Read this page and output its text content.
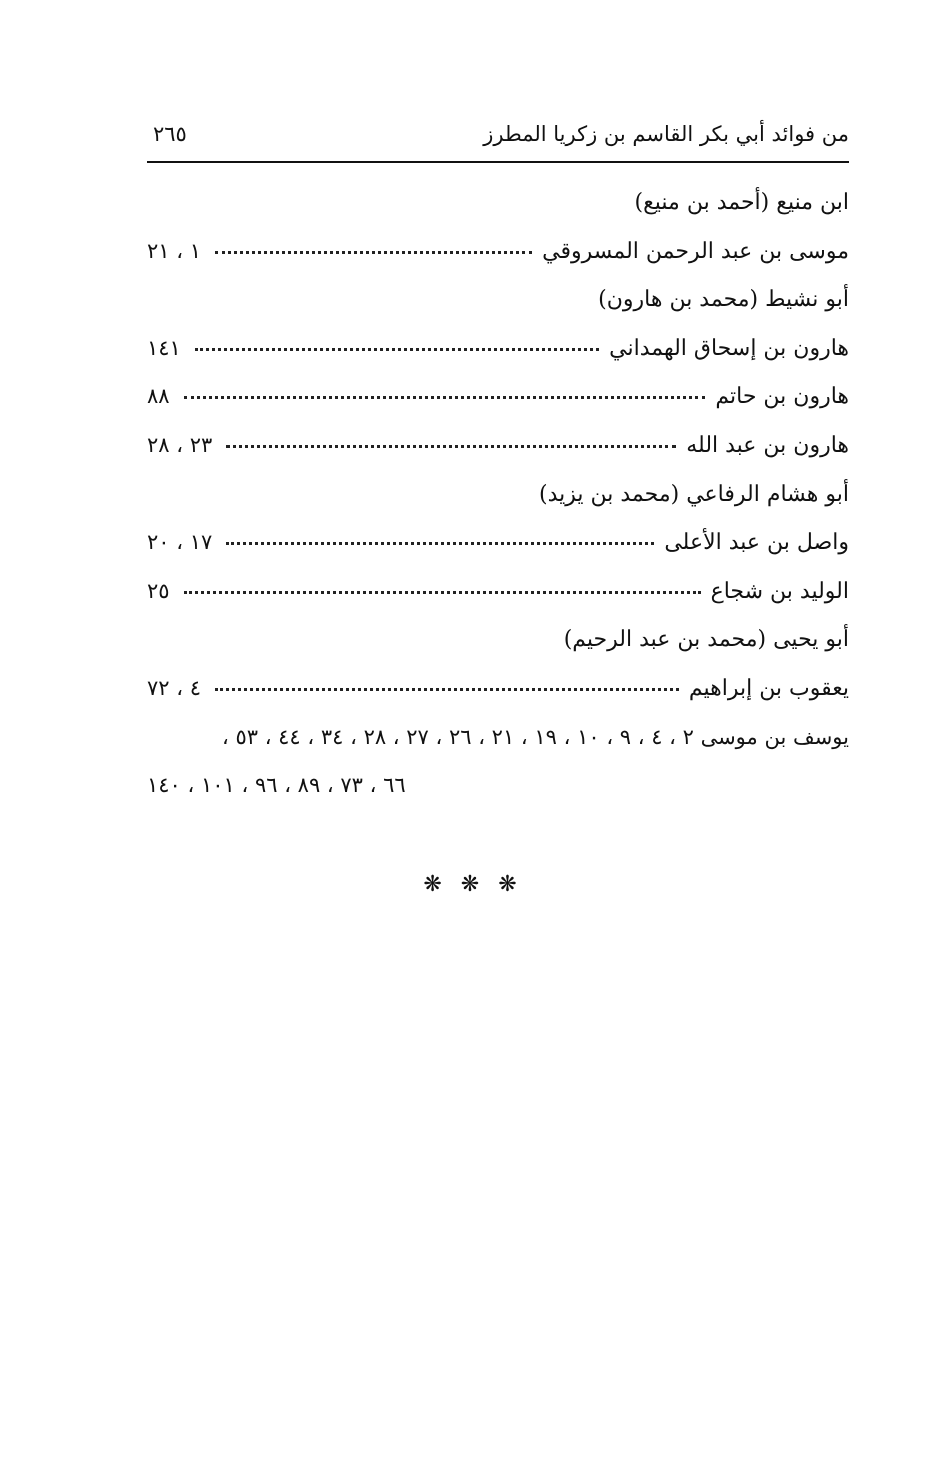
من فوائد أبي بكر القاسم بن زكريا المطرز
٢٦٥
ابن منيع (أحمد بن منيع)
موسى بن عبد الرحمن المسروقي
١ ، ٢١
أبو نشيط (محمد بن هارون)
هارون بن إسحاق الهمداني
١٤١
هارون بن حاتم
٨٨
هارون بن عبد الله
٢٣ ، ٢٨
أبو هشام الرفاعي (محمد بن يزيد)
واصل بن عبد الأعلى
١٧ ، ٢٠
الوليد بن شجاع
٢٥
أبو يحيى (محمد بن عبد الرحيم)
يعقوب بن إبراهيم
٤ ، ٧٢
يوسف بن موسى ٢ ، ٤ ، ٩ ، ١٠ ، ١٩ ، ٢١ ، ٢٦ ، ٢٧ ، ٢٨ ، ٣٤ ، ٤٤ ، ٥٣ ،
٦٦ ، ٧٣ ، ٨٩ ، ٩٦ ، ١٠١ ، ١٤٠
❋ ❋ ❋
